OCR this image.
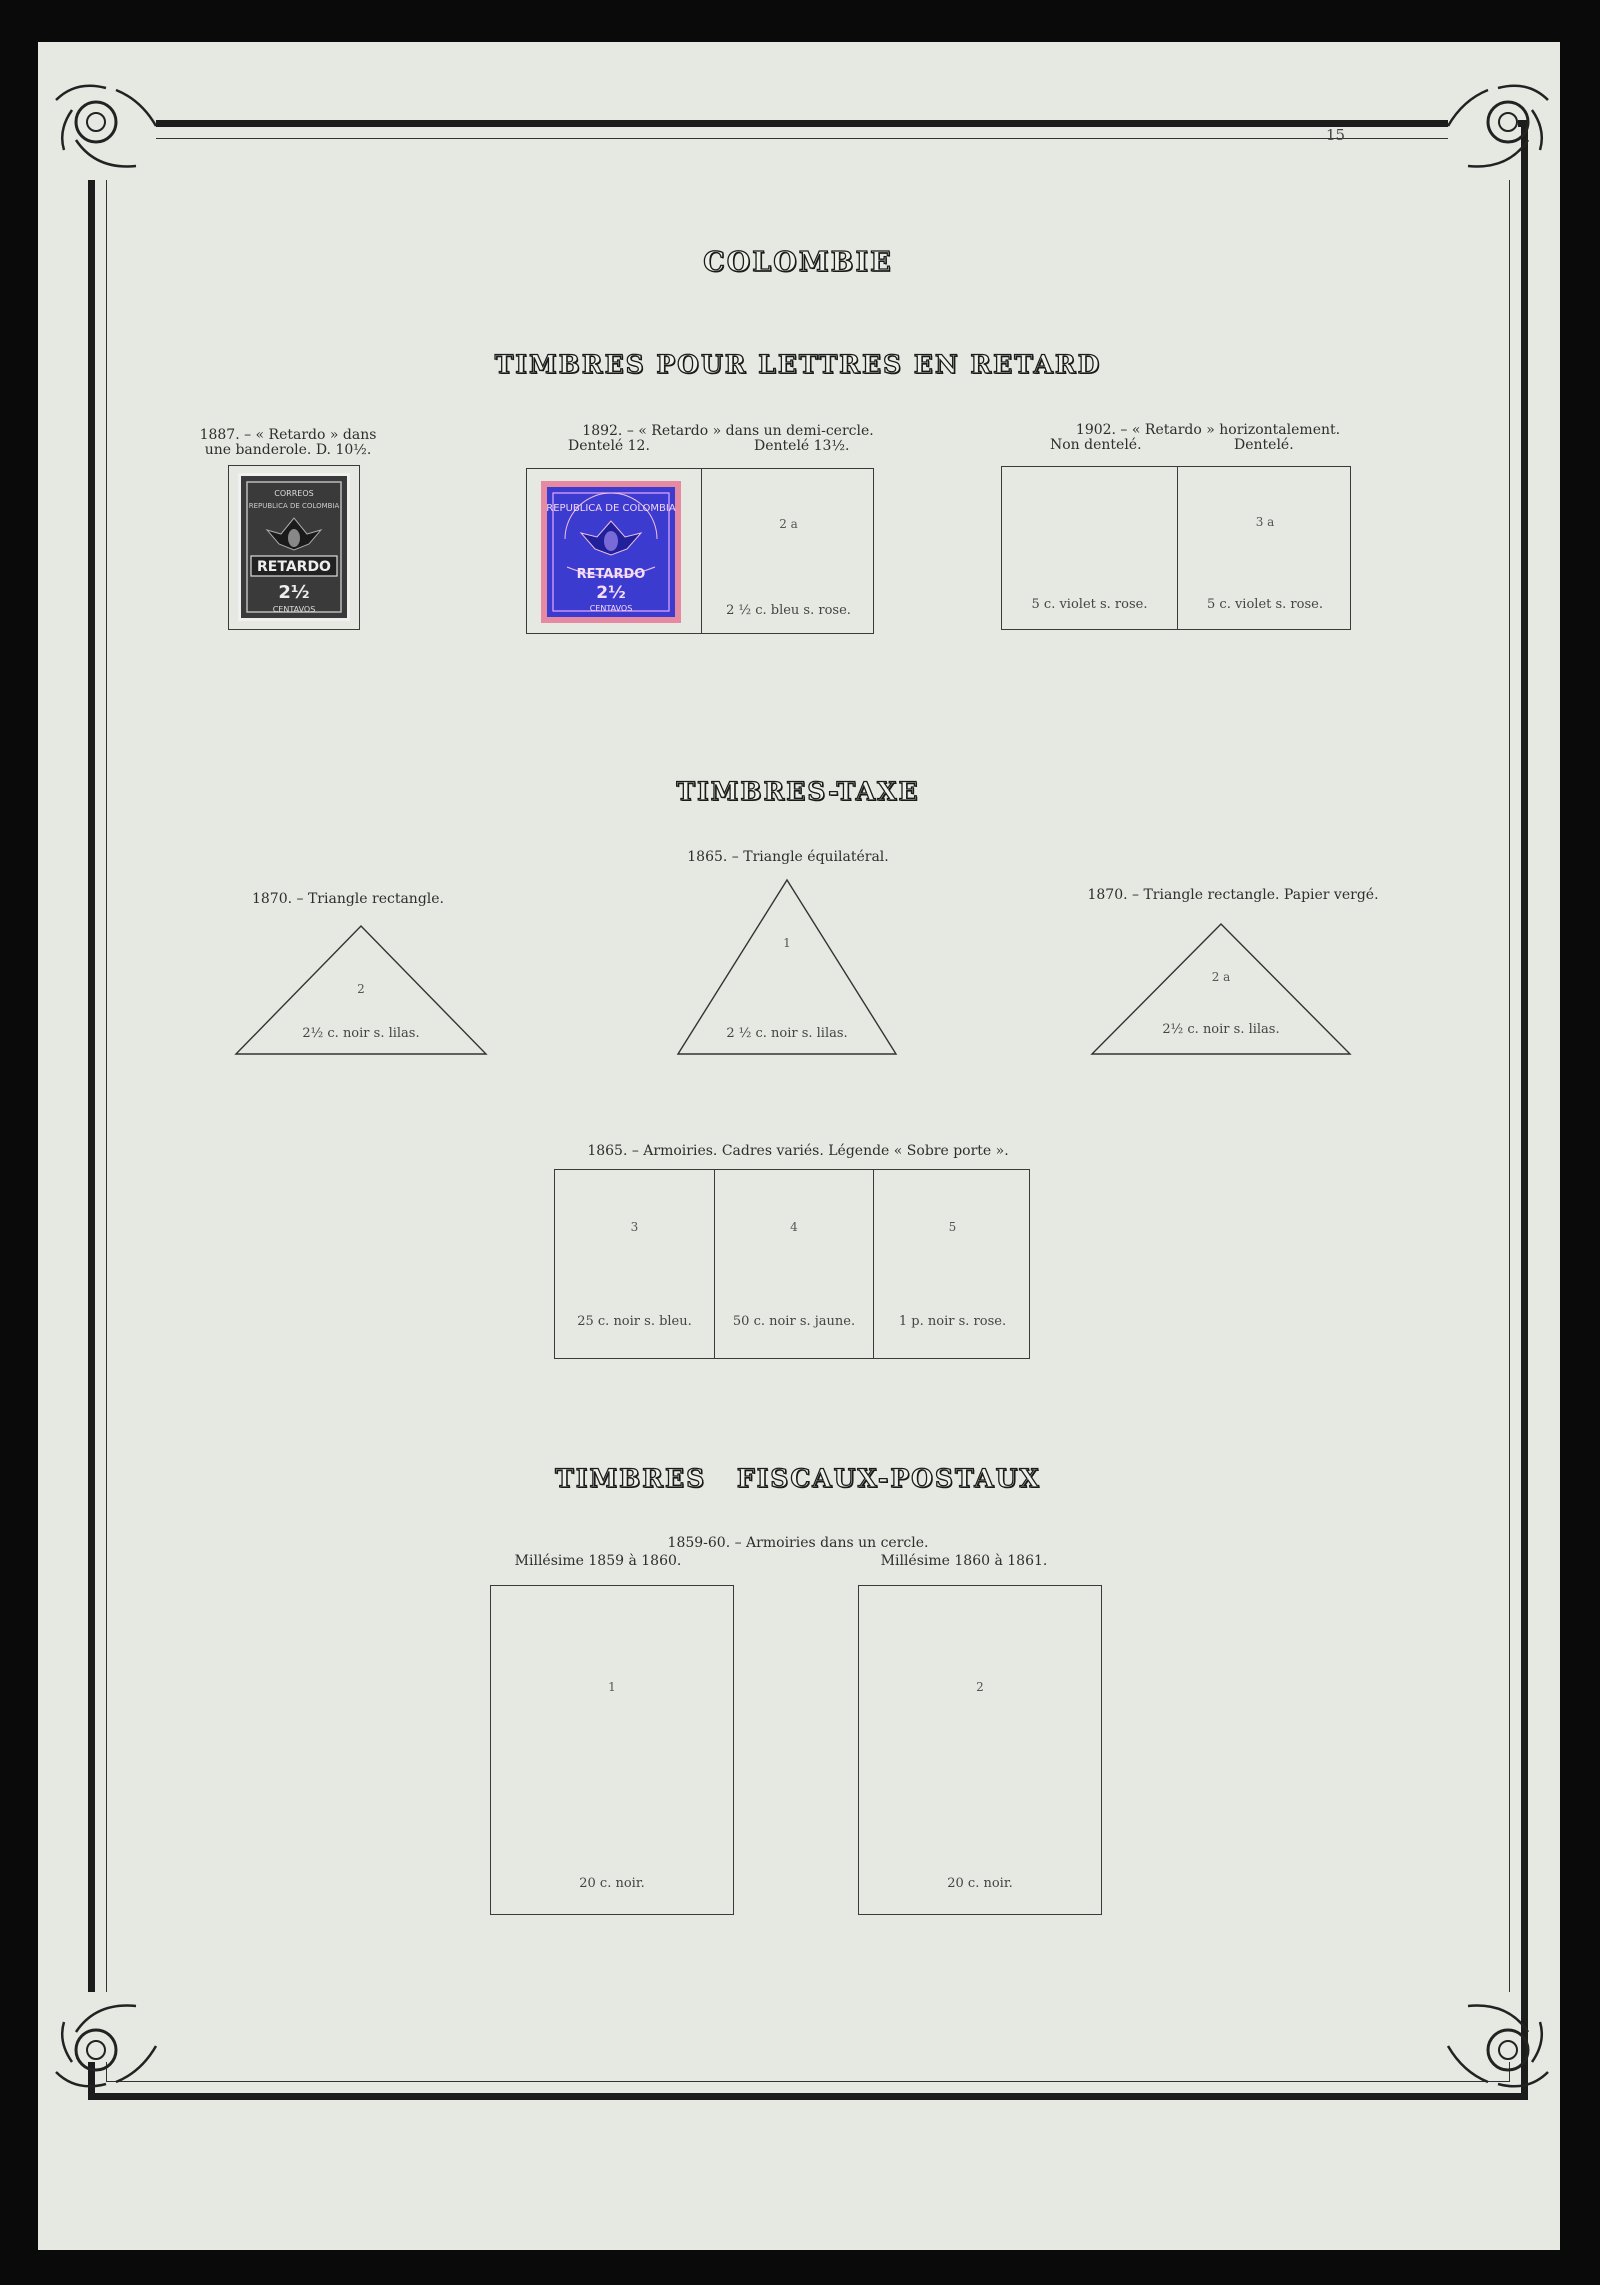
15
COLOMBIE
TIMBRES POUR LETTRES EN RETARD
1887. – « Retardo » dans
une banderole. D. 10½.
CORREOS
REPUBLICA DE COLOMBIA
RETARDO
2½
CENTAVOS
1892. – « Retardo » dans un demi-cercle.
Dentelé 12.	Dentelé 13½.
REPUBLICA DE COLOMBIA
RETARDO
2½
CENTAVOS
2 a
2 ½ c. bleu s. rose.
1902. – « Retardo » horizontalement.
Non dentelé.	Dentelé.
5 c. violet s. rose.
3 a
5 c. violet s. rose.
TIMBRES-TAXE
1865. – Triangle équilatéral.
1870. – Triangle rectangle.	1870. – Triangle rectangle. Papier vergé.
2
2½ c. noir s. lilas.
1
2 ½ c. noir s. lilas.
2 a
2½ c. noir s. lilas.
1865. – Armoiries. Cadres variés. Légende « Sobre porte ».
3
25 c. noir s. bleu.
4
50 c. noir s. jaune.
5
1 p. noir s. rose.
TIMBRES FISCAUX-POSTAUX
1859-60. – Armoiries dans un cercle.
Millésime 1859 à 1860.	Millésime 1860 à 1861.
1
20 c. noir.
2
20 c. noir.
